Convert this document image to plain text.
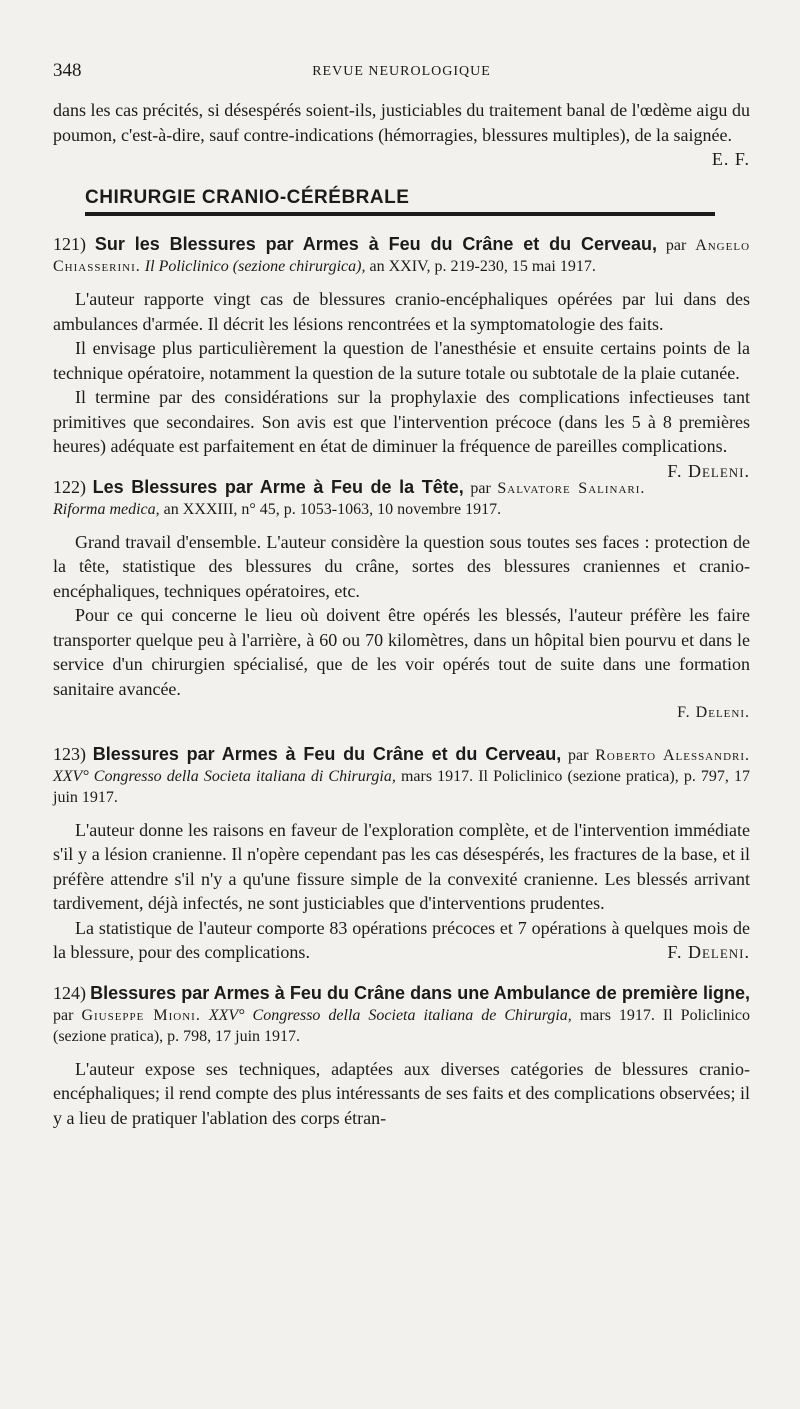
348	REVUE NEUROLOGIQUE

dans les cas précités, si désespérés soient-ils, justiciables du traitement banal de l'œdème aigu du poumon, c'est-à-dire, sauf contre-indications (hémorragies, blessures multiples), de la saignée.
E. F.

CHIRURGIE CRANIO-CÉRÉBRALE

121) Sur les Blessures par Armes à Feu du Crâne et du Cerveau, par Angelo Chiasserini. Il Policlinico (sezione chirurgica), an XXIV, p. 219-230, 15 mai 1917.

L'auteur rapporte vingt cas de blessures cranio-encéphaliques opérées par lui dans des ambulances d'armée. Il décrit les lésions rencontrées et la symptomatologie des faits.

Il envisage plus particulièrement la question de l'anesthésie et ensuite certains points de la technique opératoire, notamment la question de la suture totale ou subtotale de la plaie cutanée.

Il termine par des considérations sur la prophylaxie des complications infectieuses tant primitives que secondaires. Son avis est que l'intervention précoce (dans les 5 à 8 premières heures) adéquate est parfaitement en état de diminuer la fréquence de pareilles complications.
F. Deleni.

122) Les Blessures par Arme à Feu de la Tête, par Salvatore Salinari. Riforma medica, an XXXIII, n° 45, p. 1053-1063, 10 novembre 1917.

Grand travail d'ensemble. L'auteur considère la question sous toutes ses faces : protection de la tête, statistique des blessures du crâne, sortes des blessures craniennes et cranio-encéphaliques, techniques opératoires, etc.

Pour ce qui concerne le lieu où doivent être opérés les blessés, l'auteur préfère les faire transporter quelque peu à l'arrière, à 60 ou 70 kilomètres, dans un hôpital bien pourvu et dans le service d'un chirurgien spécialisé, que de les voir opérés tout de suite dans une formation sanitaire avancée.

F. Deleni.

123) Blessures par Armes à Feu du Crâne et du Cerveau, par Roberto Alessandri. XXV° Congresso della Societa italiana di Chirurgia, mars 1917. Il Policlinico (sezione pratica), p. 797, 17 juin 1917.

L'auteur donne les raisons en faveur de l'exploration complète, et de l'intervention immédiate s'il y a lésion cranienne. Il n'opère cependant pas les cas désespérés, les fractures de la base, et il préfère attendre s'il n'y a qu'une fissure simple de la convexité cranienne. Les blessés arrivant tardivement, déjà infectés, ne sont justiciables que d'interventions prudentes.

La statistique de l'auteur comporte 83 opérations précoces et 7 opérations à quelques mois de la blessure, pour des complications.	F. Deleni.

124) Blessures par Armes à Feu du Crâne dans une Ambulance de première ligne, par Giuseppe Mioni. XXV° Congresso della Societa italiana de Chirurgia, mars 1917. Il Policlinico (sezione pratica), p. 798, 17 juin 1917.

L'auteur expose ses techniques, adaptées aux diverses catégories de blessures cranio-encéphaliques; il rend compte des plus intéressants de ses faits et des complications observées; il y a lieu de pratiquer l'ablation des corps étran-
